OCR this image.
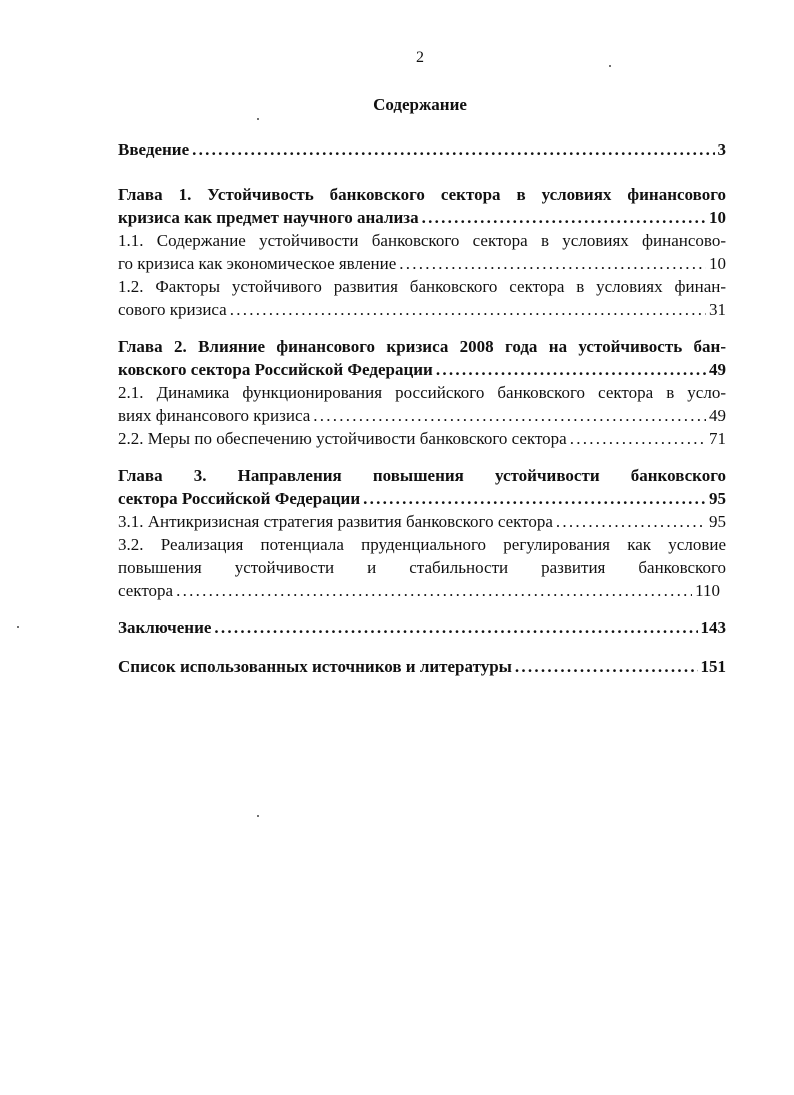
2
Содержание
Введение . . .	3
Глава 1. Устойчивость банковского сектора в условиях финансового
кризиса как предмет научного анализа . . .	10
1.1. Содержание устойчивости банковского сектора в условиях финансово-
го кризиса как экономическое явление . . .	10
1.2. Факторы устойчивого развития банковского сектора в условиях финан-
сового кризиса . . .	31
Глава 2. Влияние финансового кризиса 2008 года на устойчивость бан-
ковского сектора Российской Федерации . . .	49
2.1. Динамика функционирования российского банковского сектора в усло-
виях финансового кризиса . . .	49
2.2. Меры по обеспечению устойчивости банковского сектора . . .	71
Глава 3. Направления повышения устойчивости банковского
сектора Российской Федерации . . .	95
3.1. Антикризисная стратегия развития банковского сектора . . .	95
3.2. Реализация потенциала пруденциального регулирования как условие
повышения устойчивости и стабильности развития банковского
сектора . . .	110
Заключение . . .	143
Список использованных источников и литературы . . .	151
